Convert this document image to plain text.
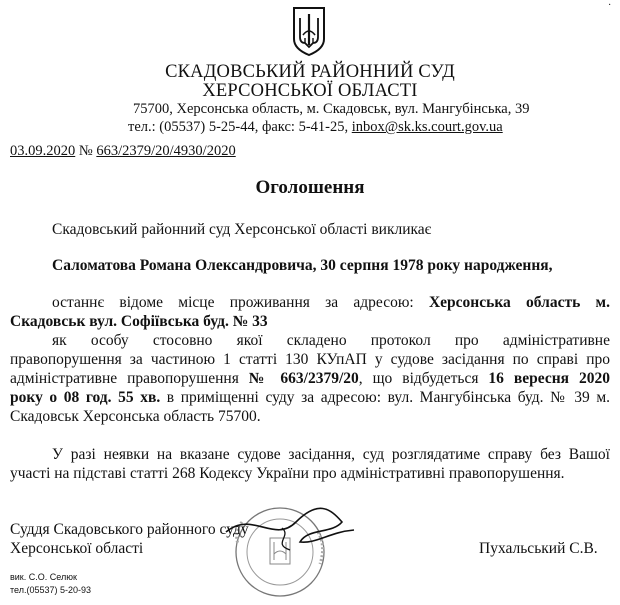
·
СКАДОВСЬКИЙ РАЙОННИЙ СУД
ХЕРСОНСЬКОЇ ОБЛАСТІ
75700, Херсонська область, м. Скадовськ, вул. Мангубінська, 39
тел.: (05537) 5-25-44, факс: 5-41-25, inbox@sk.ks.court.gov.ua
03.09.2020 № 663/2379/20/4930/2020
Оголошення
Скадовський районний суд Херсонської області викликає
Саломатова Романа Олександровича, 30 серпня 1978 року народження,
останнє відоме місце проживання за адресою: Херсонська область м.
Скадовськ вул. Софіївська буд. № 33
як особу стосовно якої складено протокол про адміністративне
правопорушення за частиною 1 статті 130 КУпАП у судове засідання по справі про
адміністративне правопорушення № 663/2379/20, що відбудеться 16 вересня 2020
року о 08 год. 55 хв. в приміщенні суду за адресою: вул. Мангубінська буд. № 39 м.
Скадовськ Херсонська область 75700.
У разі неявки на вказане судове засідання, суд розглядатиме справу без Вашої
участі на підставі статті 268 Кодексу України про адміністративні правопорушення.
Суддя Скадовського районного суду
Херсонської області	Пухальський С.В.
вик. С.О. Селюк
тел.(05537) 5-20-93
